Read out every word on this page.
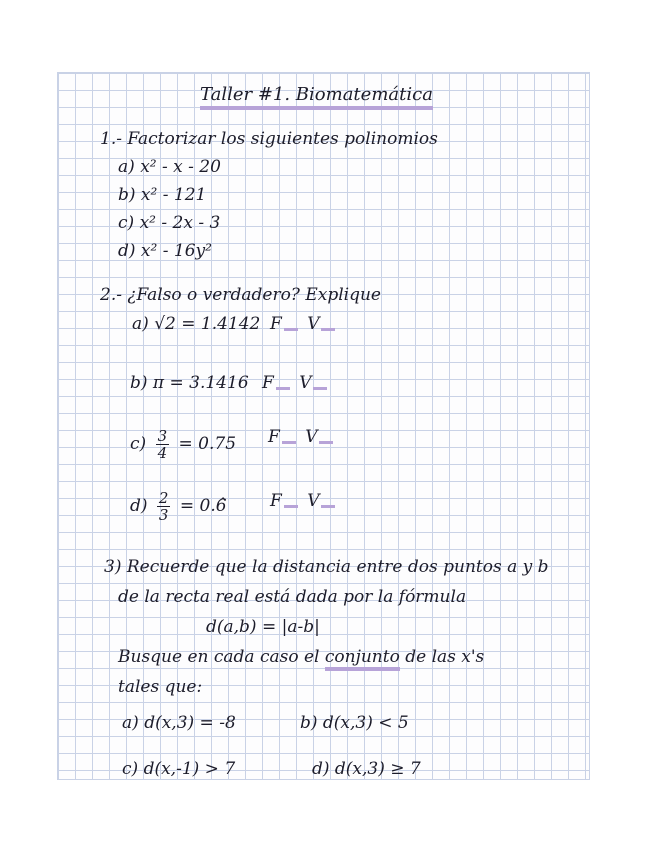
Taller #1. Biomatemática
1.- Factorizar los siguientes polinomios
a) x² - x - 20
b) x² - 121
c) x² - 2x - 3
d) x² - 16y²
2.- ¿Falso o verdadero? Explique
a) √2 = 1.4142 F V
b) π = 3.1416 F V
$c) \frac{3}{4} = 0.75$ F V
$d) \frac{2}{3}$ = 0.6̂	F V
3) Recuerde que la distancia entre dos puntos a y b
de la recta real está dada por la fórmula
d(a,b) = |a-b|
Busque en cada caso el conjunto de las x's
tales que:
a) d(x,3) = -8	b) d(x,3) < 5
c) d(x,-1) > 7	d) d(x,3) ≥ 7
